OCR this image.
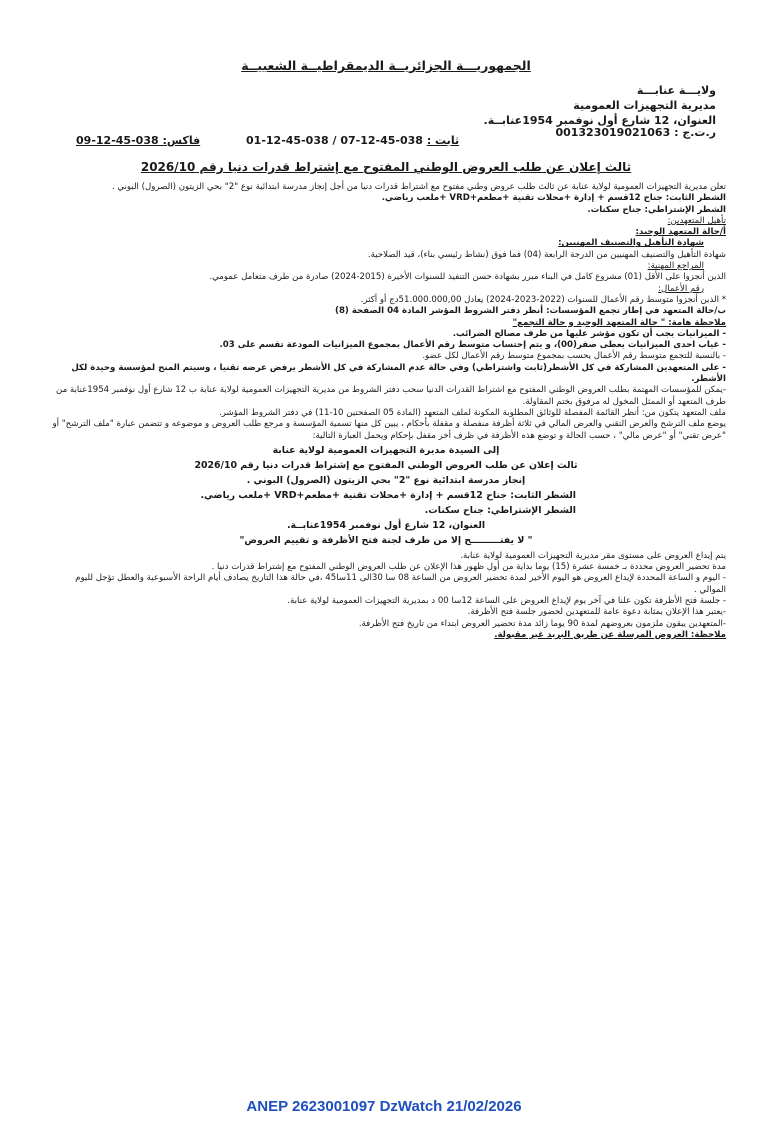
الجمهوريـــة الجزائريــة الديمقراطيــة الشعبيــة
ولايـــة عنابـــة
مديرية التجهيزات العمومية
العنوان، 12 شارع أول نوفمبر 1954عنابــة.
ر.ت.ج : 001323019021063
ثابت : 038-45-12-07 / 038-45-12-01
فاكس: 038-45-12-09
ثالث إعلان عن طلب العروض الوطني المفتوح مع إشتراط قدرات دنيا رقم 2026/10

تعلن مديرية التجهيزات العمومية لولاية عنابة عن ثالث طلب عروض وطني مفتوح مع اشتراط قدرات دنيا من أجل إنجاز مدرسة ابتدائية نوع "2" بحي الزيتون (الصرول) البوني .

الشطر الثابت: جناح 12قسم + إدارة +محلات تقنية +مطعم+VRD +ملعب رياضي.

الشطر الإشتراطي: جناح سكنات.

تأهيل المتعهدين:

أ/حالة المتعهد الوحيد:

شهادة التأهيل والتصنيف المهنيين:

شهادة التأهيل والتصنيف المهنيين من الدرجة الرابعة (04) فما فوق (نشاط رئيسي بناء)، قيد الصلاحية.

المراجع المهنية:

الذين أنجزوا على الأقل (01) مشروع كامل في البناء مبرر بشهادة حسن التنفيذ للسنوات الأخيرة (2015-2024) صادرة من طرف متعامل عمومي.

رقم الأعمال:

* الذين أنجزوا متوسط رقم الأعمال للسنوات (2022-2023-2024) يعادل 51.000.000,00دج أو أكثر.

ب/حالة المتعهد في إطار تجمع المؤسسات: أنظر دفتر الشروط المؤشر المادة 04 الصفحة (8)

ملاحظة هامة: " حالة المتعهد الوحيد و حالة التجمع"

- الميزانيات يجب أن تكون مؤشر عليها من طرف مصالح الضرائب.

- غياب احدى الميزانيات يعطى صفر(00)، و يتم إحتساب متوسط رقم الأعمال بمجموع الميزانيات المودعة تقسم على 03.

- بالنسبة للتجمع متوسط رقم الأعمال يحسب بمجموع متوسط رقم الأعمال لكل عضو.

- على المتعهدين المشاركة في كل الأشطر(ثابت واشتراطي) وفي حالة عدم المشاركة في كل الأشطر يرفض عرضه تقنيا ، وسيتم المنح لمؤسسة وحيدة لكل الأشطر.

-يمكن للمؤسسات المهتمة بطلب العروض الوطني المفتوح مع اشتراط القدرات الدنيا سحب دفتر الشروط من مديرية التجهيزات العمومية لولاية عنابة ب 12 شارع أول نوفمبر 1954عنابة من طرف المتعهد أو الممثل المخول له مرفوق بختم المقاولة.

ملف المتعهد يتكون من: أنظر القائمة المفصلة للوثائق المطلوبة المكونة لملف المتعهد (المادة 05 الصفحتين 10-11) في دفتر الشروط المؤشر.

يوضع ملف الترشح والعرض التقني والعرض المالي في ثلاثة أظرفة منفصلة و مقفلة بأحكام ، يبين كل منها تسمية المؤسسة و مرجع طلب العروض و موضوعه و تتضمن عبارة "ملف الترشح" أو "عرض تقني" أو "عرض مالي" ، حسب الحالة و توضع هذه الأظرفة في ظرف أخر مقفل بإحكام ويحمل العبارة التالية:

إلى السيدة مديرة التجهيزات العمومية لولاية عنابة
ثالث إعلان عن طلب العروض الوطني المفتوح مع إشتراط قدرات دنيا رقم 2026/10
إنجاز مدرسة ابتدائية نوع "2" بحي الزيتون (الصرول) البوني .
الشطر الثابت: جناح 12قسم + إدارة +محلات تقنية +مطعم+VRD +ملعب رياضي.
الشطر الإشتراطي: جناح سكنات.
العنوان، 12 شارع أول نوفمبر 1954عنابــة.
" لا يفتـــــــــح إلا من طرف لجنة فتح الأظرفة و تقييم العروض"

يتم إيداع العروض على مستوى مقر مديرية التجهيزات العمومية لولاية عنابة.

مدة تحضير العروض محددة بـ خمسة عشرة (15) يوما بداية من أول ظهور هذا الإعلان عن طلب العروض الوطني المفتوح مع إشتراط قدرات دنيا .

- اليوم و الساعة المحددة لإيداع العروض هو اليوم الأخير لمدة تحضير العروض من الساعة 08 سا 30الى 11سا45 ،في حالة هذا التاريخ يصادف أيام الراحة الأسبوعية والعطل تؤجل لليوم الموالي .

- جلسة فتح الأظرفة تكون علنا في آخر يوم لإيداع العروض على الساعة 12سا 00 د بمديرية التجهيزات العمومية لولاية عنابة.

-يعتبر هذا الإعلان بمثابة دعوة عامة للمتعهدين لحضور جلسة فتح الأظرفة.

-المتعهدين يبقون ملزمون بعروضهم لمدة 90 يوما زائد مدة تحضير العروض ابتداء من تاريخ فتح الأظرفة.

ملاحظة: العروض المرسلة عن طريق البريد غير مقبولة.

ANEP 2623001097 DzWatch 21/02/2026
